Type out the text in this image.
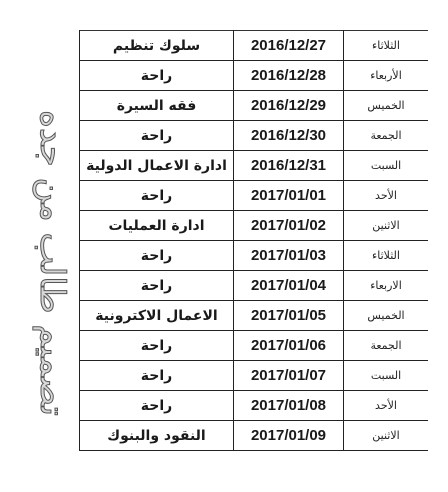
تصميم طالب من جده
الثلاثاء	2016/12/27	سلوك تنظيم
الأربعاء	2016/12/28	راحة
الخميس	2016/12/29	فقه السيرة
الجمعة	2016/12/30	راحة
السبت	2016/12/31	ادارة الاعمال الدولية
الأحد	2017/01/01	راحة
الاثنين	2017/01/02	ادارة العمليات
الثلاثاء	2017/01/03	راحة
الاربعاء	2017/01/04	راحة
الخميس	2017/01/05	الاعمال الاكترونية
الجمعة	2017/01/06	راحة
السبت	2017/01/07	راحة
الأحد	2017/01/08	راحة
الاثنين	2017/01/09	النقود والبنوك
